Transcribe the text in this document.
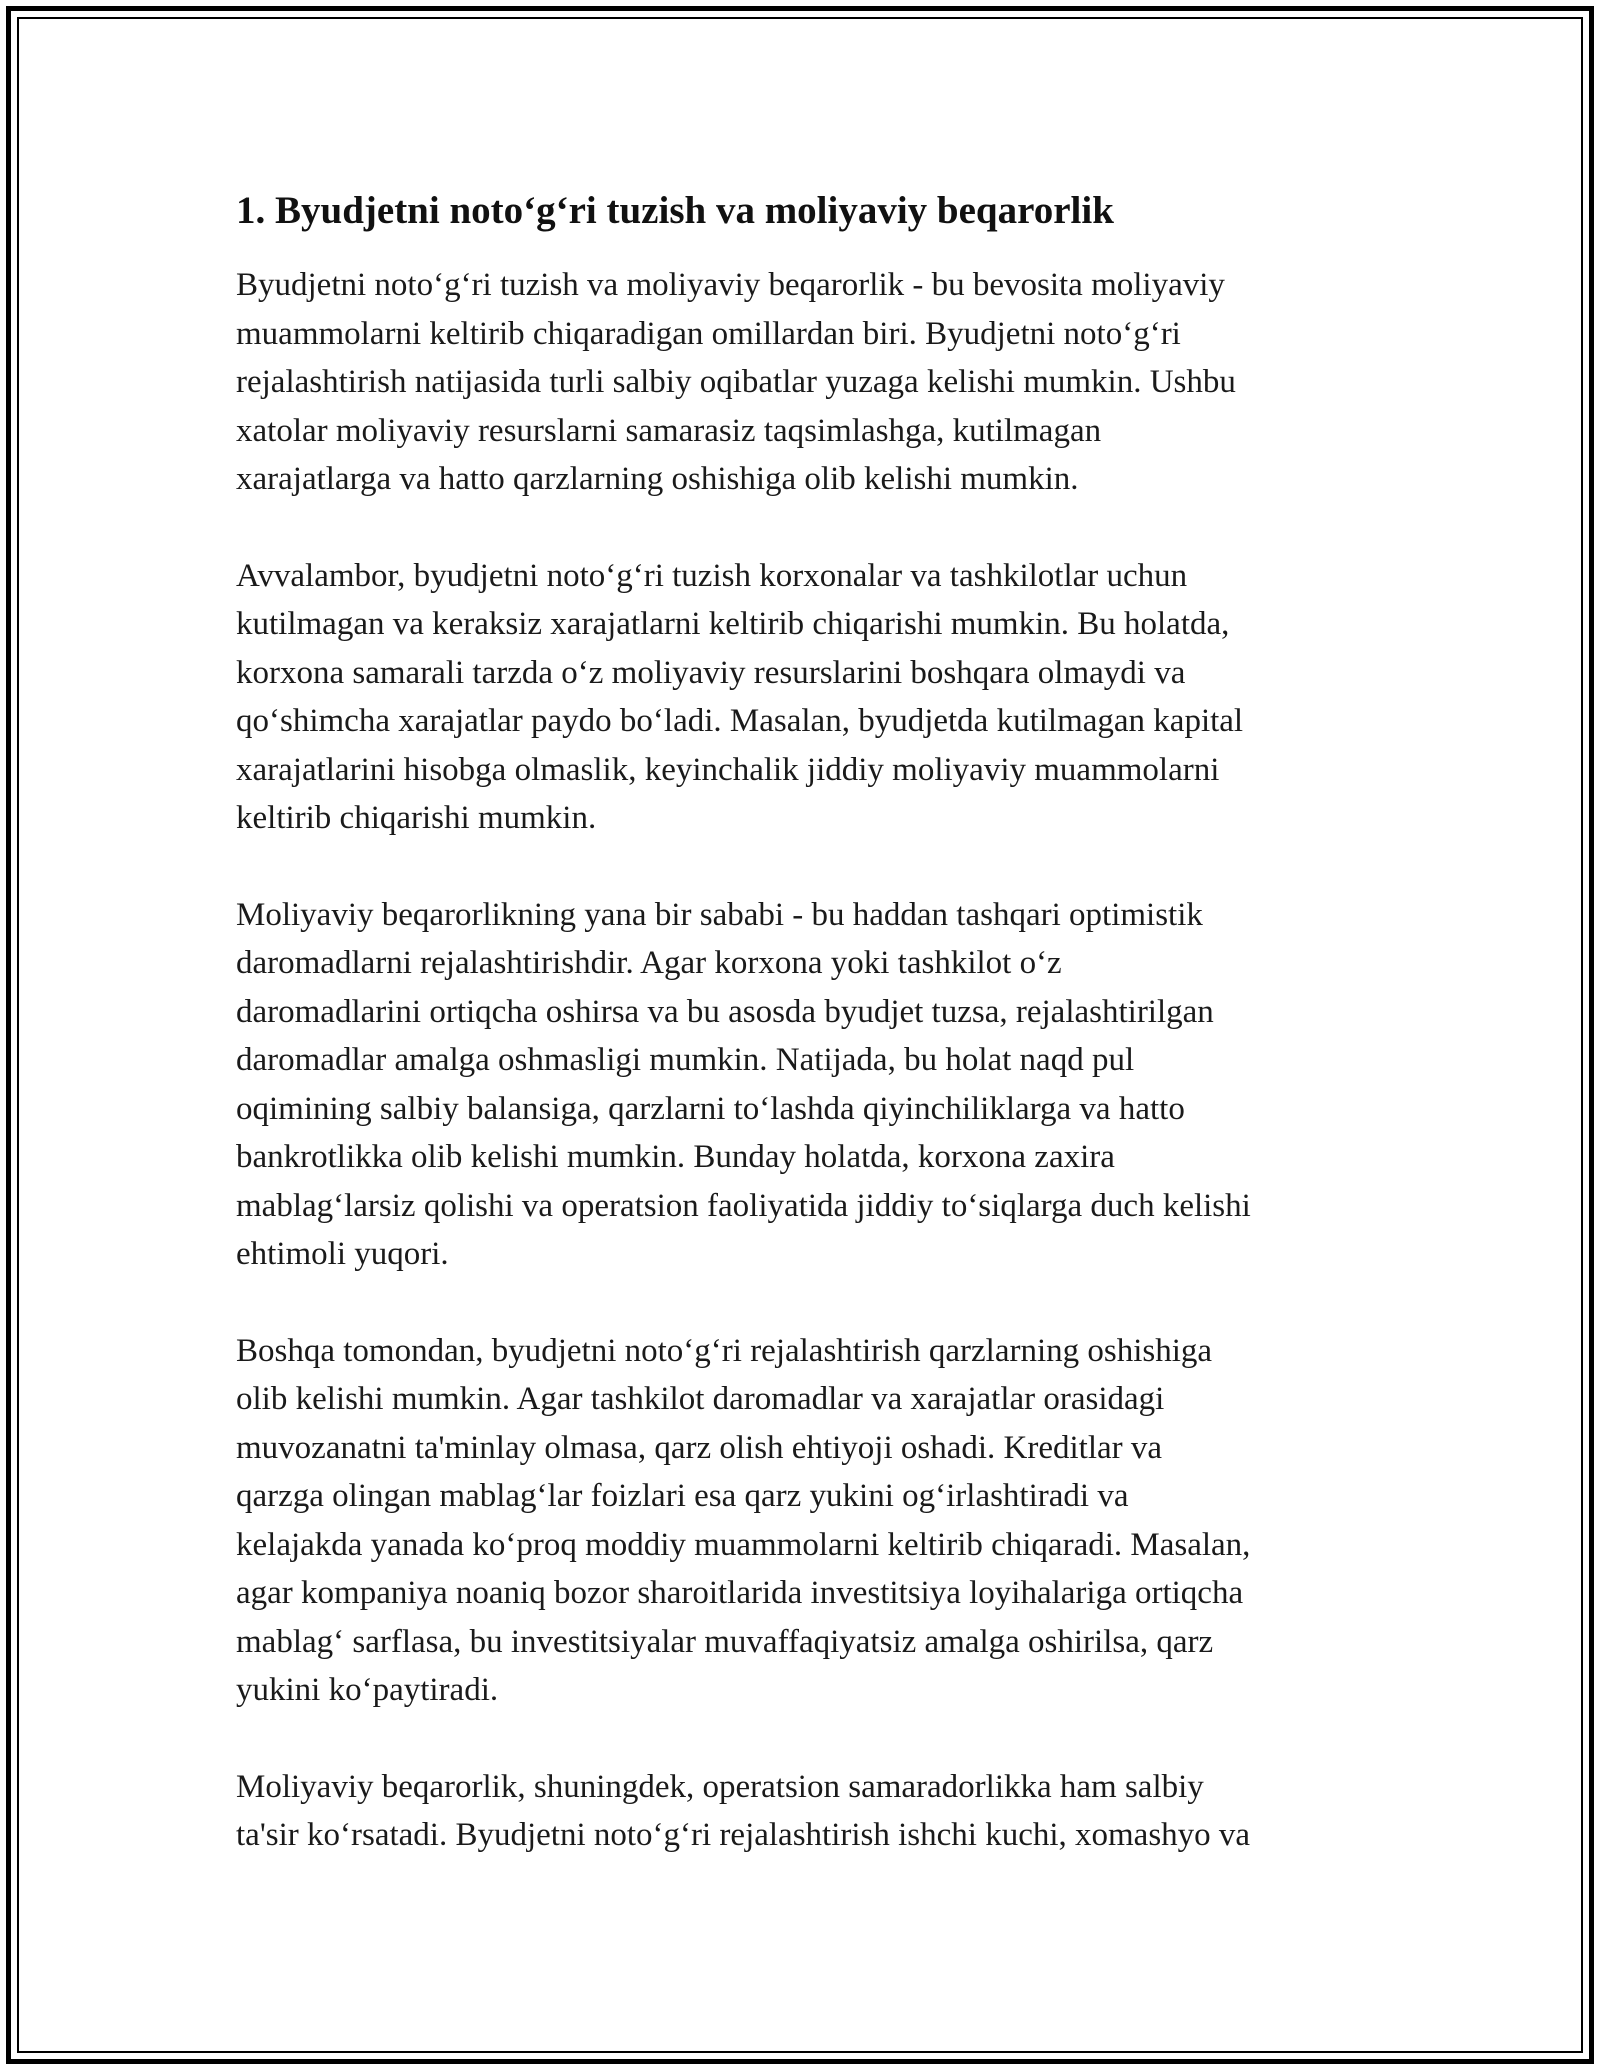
1. Byudjetni noto‘g‘ri tuzish va moliyaviy beqarorlik

Byudjetni noto‘g‘ri tuzish va moliyaviy beqarorlik - bu bevosita moliyaviy
muammolarni keltirib chiqaradigan omillardan biri. Byudjetni noto‘g‘ri
rejalashtirish natijasida turli salbiy oqibatlar yuzaga kelishi mumkin. Ushbu
xatolar moliyaviy resurslarni samarasiz taqsimlashga, kutilmagan
xarajatlarga va hatto qarzlarning oshishiga olib kelishi mumkin.

Avvalambor, byudjetni noto‘g‘ri tuzish korxonalar va tashkilotlar uchun
kutilmagan va keraksiz xarajatlarni keltirib chiqarishi mumkin. Bu holatda,
korxona samarali tarzda o‘z moliyaviy resurslarini boshqara olmaydi va
qo‘shimcha xarajatlar paydo bo‘ladi. Masalan, byudjetda kutilmagan kapital
xarajatlarini hisobga olmaslik, keyinchalik jiddiy moliyaviy muammolarni
keltirib chiqarishi mumkin.

Moliyaviy beqarorlikning yana bir sababi - bu haddan tashqari optimistik
daromadlarni rejalashtirishdir. Agar korxona yoki tashkilot o‘z
daromadlarini ortiqcha oshirsa va bu asosda byudjet tuzsa, rejalashtirilgan
daromadlar amalga oshmasligi mumkin. Natijada, bu holat naqd pul
oqimining salbiy balansiga, qarzlarni to‘lashda qiyinchiliklarga va hatto
bankrotlikka olib kelishi mumkin. Bunday holatda, korxona zaxira
mablag‘larsiz qolishi va operatsion faoliyatida jiddiy to‘siqlarga duch kelishi
ehtimoli yuqori.

Boshqa tomondan, byudjetni noto‘g‘ri rejalashtirish qarzlarning oshishiga
olib kelishi mumkin. Agar tashkilot daromadlar va xarajatlar orasidagi
muvozanatni ta'minlay olmasa, qarz olish ehtiyoji oshadi. Kreditlar va
qarzga olingan mablag‘lar foizlari esa qarz yukini og‘irlashtiradi va
kelajakda yanada ko‘proq moddiy muammolarni keltirib chiqaradi. Masalan,
agar kompaniya noaniq bozor sharoitlarida investitsiya loyihalariga ortiqcha
mablag‘ sarflasa, bu investitsiyalar muvaffaqiyatsiz amalga oshirilsa, qarz
yukini ko‘paytiradi.

Moliyaviy beqarorlik, shuningdek, operatsion samaradorlikka ham salbiy
ta'sir ko‘rsatadi. Byudjetni noto‘g‘ri rejalashtirish ishchi kuchi, xomashyo va
